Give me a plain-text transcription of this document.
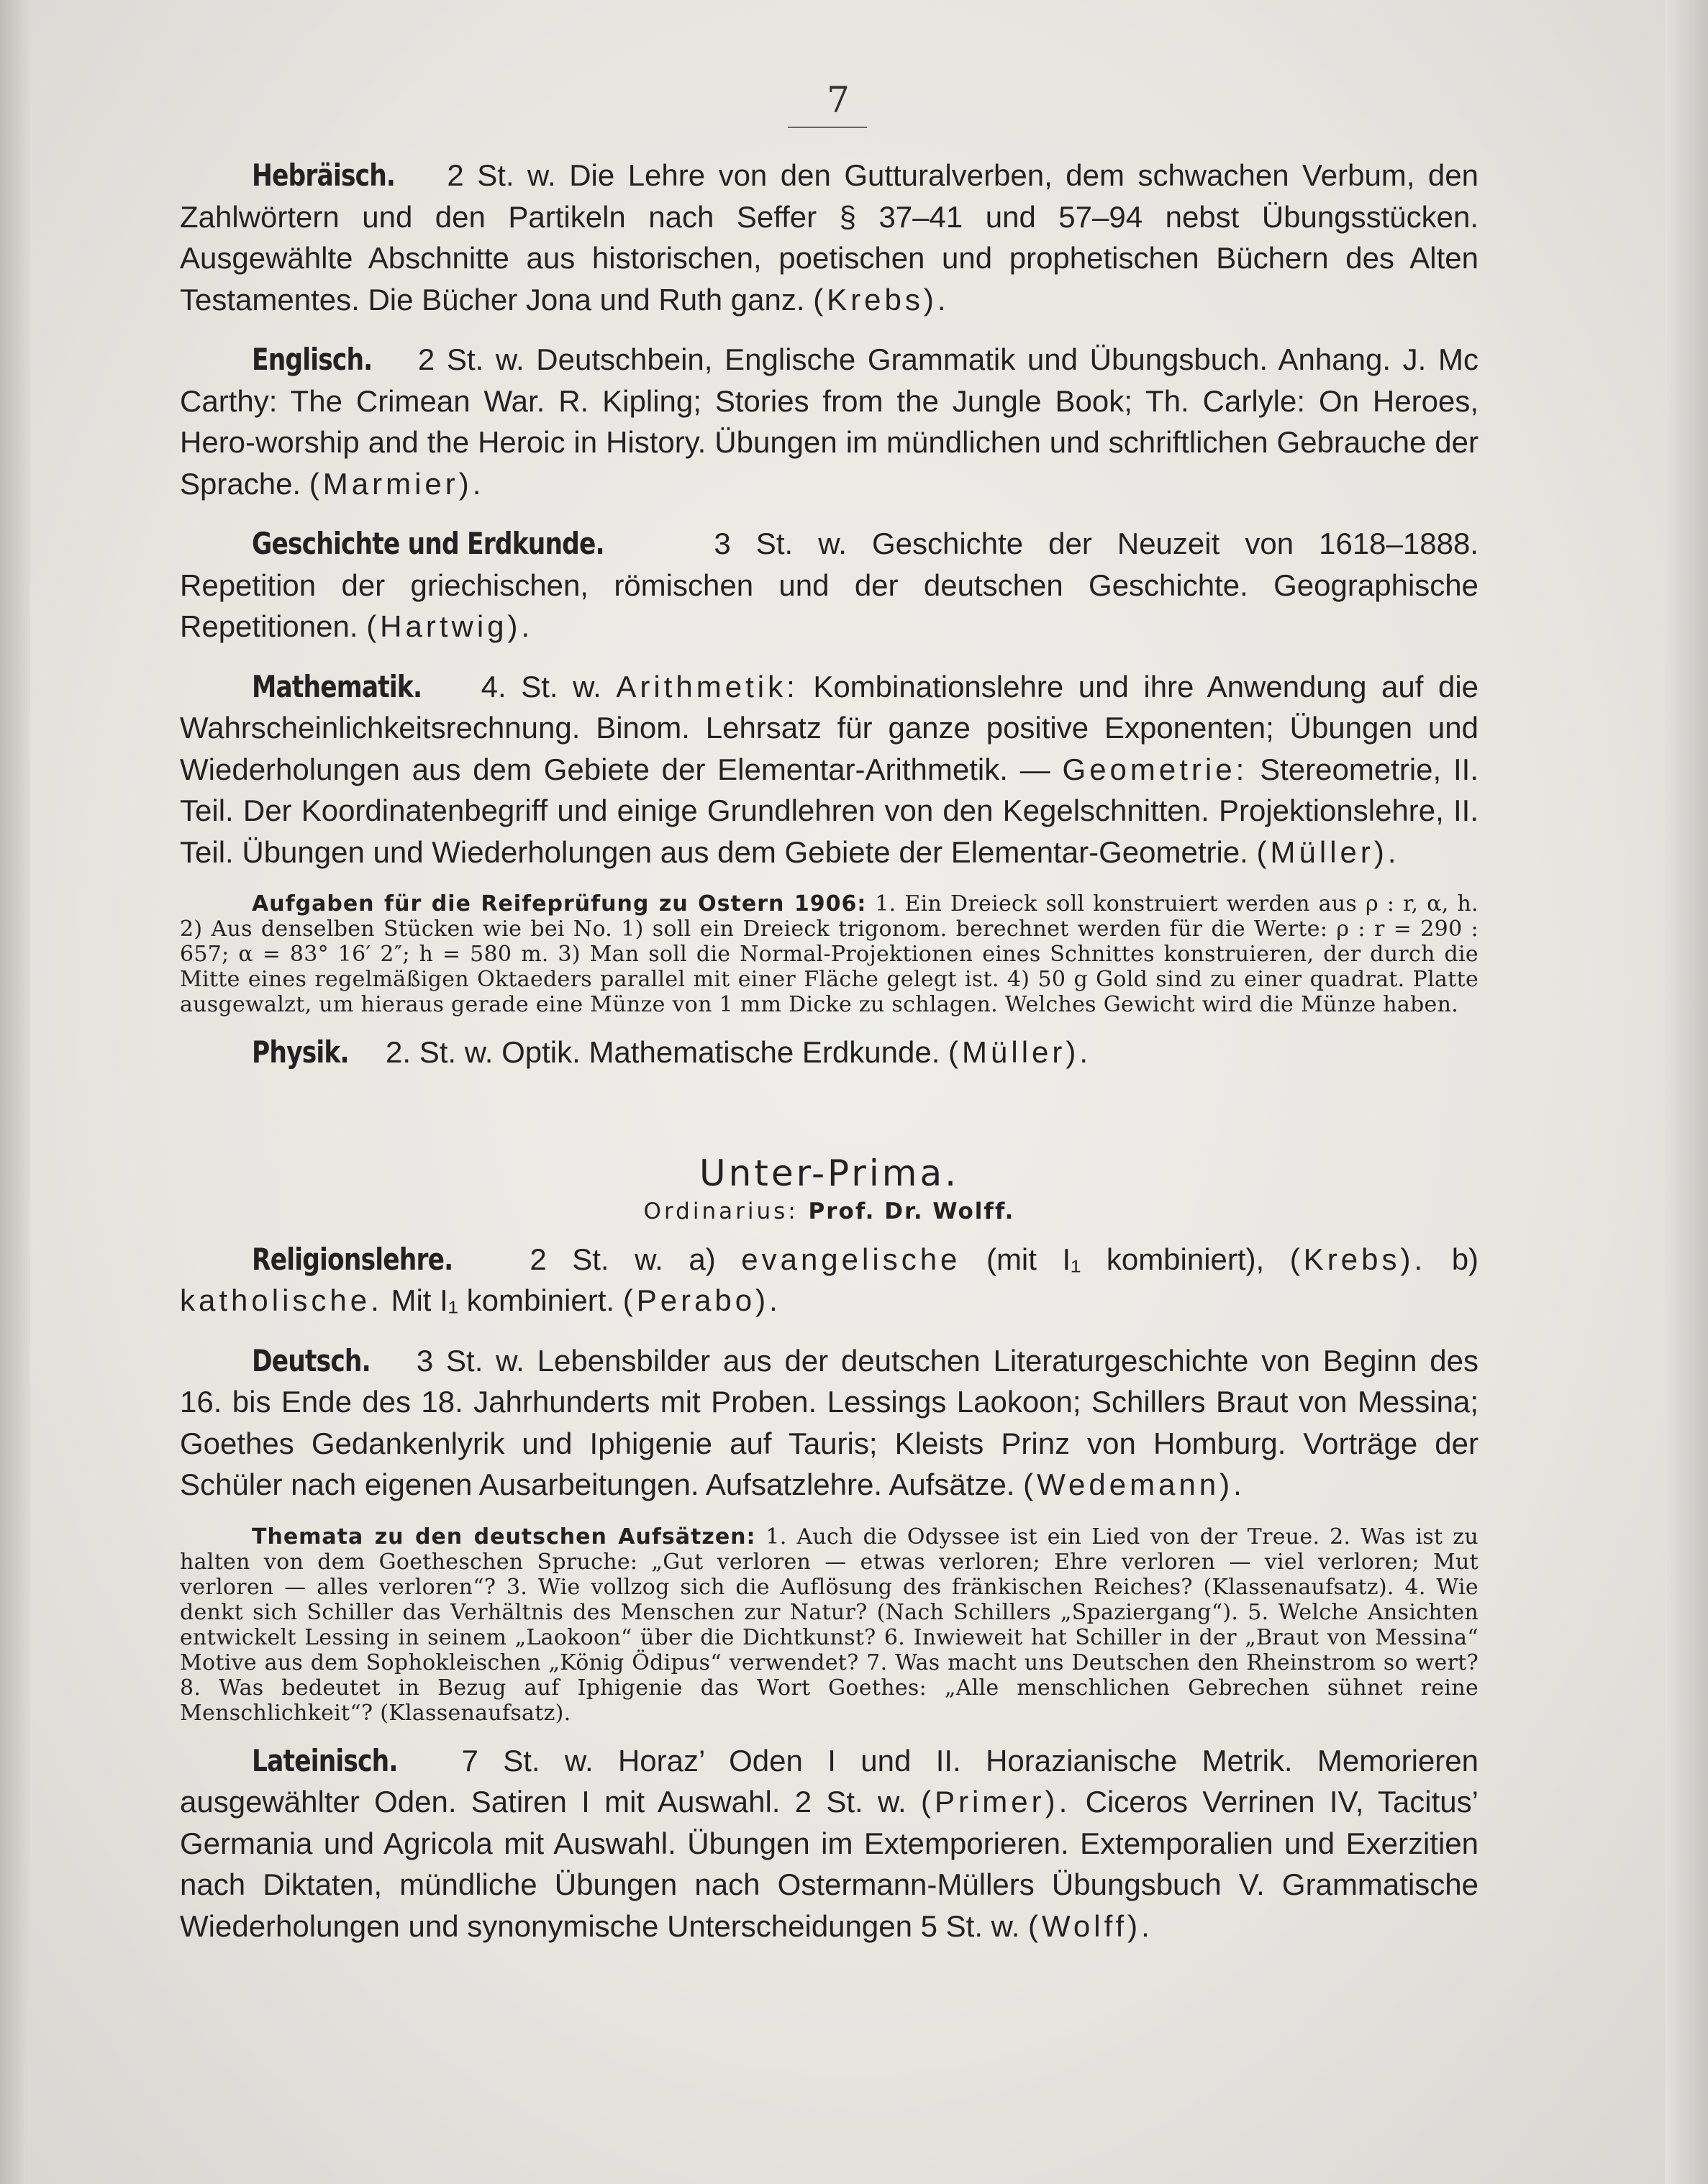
7

Hebräisch. 2 St. w. Die Lehre von den Gutturalverben, dem schwachen Verbum, den Zahlwörtern und den Partikeln nach Seffer § 37–41 und 57–94 nebst Übungsstücken. Ausgewählte Abschnitte aus historischen, poetischen und prophetischen Büchern des Alten Testamentes. Die Bücher Jona und Ruth ganz. (Krebs).

Englisch. 2 St. w. Deutschbein, Englische Grammatik und Übungsbuch. Anhang. J. Mc Carthy: The Crimean War. R. Kipling; Stories from the Jungle Book; Th. Carlyle: On Heroes, Hero-worship and the Heroic in History. Übungen im mündlichen und schriftlichen Gebrauche der Sprache. (Marmier).

Geschichte und Erdkunde.	3 St. w. Geschichte der Neuzeit von 1618–1888. Repetition der griechischen, römischen und der deutschen Geschichte. Geographische Repetitionen. (Hartwig).

Mathematik. 4. St. w. Arithmetik: Kombinationslehre und ihre Anwendung auf die Wahrscheinlichkeitsrechnung. Binom. Lehrsatz für ganze positive Exponenten; Übungen und Wiederholungen aus dem Gebiete der Elementar-Arithmetik. — Geometrie: Stereometrie, II. Teil. Der Koordinatenbegriff und einige Grundlehren von den Kegelschnitten. Projektionslehre, II. Teil. Übungen und Wiederholungen aus dem Gebiete der Elementar-Geometrie. (Müller).

Aufgaben für die Reifeprüfung zu Ostern 1906: 1. Ein Dreieck soll konstruiert werden aus ρ : r, α, h. 2) Aus denselben Stücken wie bei No. 1) soll ein Dreieck trigonom. berechnet werden für die Werte: ρ : r = 290 : 657; α = 83° 16′ 2″; h = 580 m. 3) Man soll die Normal-Projektionen eines Schnittes konstruieren, der durch die Mitte eines regelmäßigen Oktaeders parallel mit einer Fläche gelegt ist. 4) 50 g Gold sind zu einer quadrat. Platte ausgewalzt, um hieraus gerade eine Münze von 1 mm Dicke zu schlagen. Welches Gewicht wird die Münze haben.

Physik. 2. St. w. Optik. Mathematische Erdkunde. (Müller).

Unter-Prima.
Ordinarius: Prof. Dr. Wolff.

Religionslehre.	2 St. w. a) evangelische (mit I₁ kombiniert), (Krebs). b) katholische. Mit I₁ kombiniert. (Perabo).

Deutsch. 3 St. w. Lebensbilder aus der deutschen Literaturgeschichte von Beginn des 16. bis Ende des 18. Jahrhunderts mit Proben. Lessings Laokoon; Schillers Braut von Messina; Goethes Gedankenlyrik und Iphigenie auf Tauris; Kleists Prinz von Homburg. Vorträge der Schüler nach eigenen Ausarbeitungen. Aufsatzlehre. Aufsätze. (Wedemann).

Themata zu den deutschen Aufsätzen: 1. Auch die Odyssee ist ein Lied von der Treue. 2. Was ist zu halten von dem Goetheschen Spruche: „Gut verloren — etwas verloren; Ehre verloren — viel verloren; Mut verloren — alles verloren“? 3. Wie vollzog sich die Auflösung des fränkischen Reiches? (Klassenaufsatz). 4. Wie denkt sich Schiller das Verhältnis des Menschen zur Natur? (Nach Schillers „Spaziergang“). 5. Welche Ansichten entwickelt Lessing in seinem „Laokoon“ über die Dichtkunst? 6. Inwieweit hat Schiller in der „Braut von Messina“ Motive aus dem Sophokleischen „König Ödipus“ verwendet? 7. Was macht uns Deutschen den Rheinstrom so wert? 8. Was bedeutet in Bezug auf Iphigenie das Wort Goethes: „Alle menschlichen Gebrechen sühnet reine Menschlichkeit“? (Klassenaufsatz).

Lateinisch. 7 St. w. Horaz’ Oden I und II. Horazianische Metrik. Memorieren ausgewählter Oden. Satiren I mit Auswahl. 2 St. w. (Primer). Ciceros Verrinen IV, Tacitus’ Germania und Agricola mit Auswahl. Übungen im Extemporieren. Extemporalien und Exerzitien nach Diktaten, mündliche Übungen nach Ostermann-Müllers Übungsbuch V. Grammatische Wiederholungen und synonymische Unterscheidungen 5 St. w. (Wolff).
